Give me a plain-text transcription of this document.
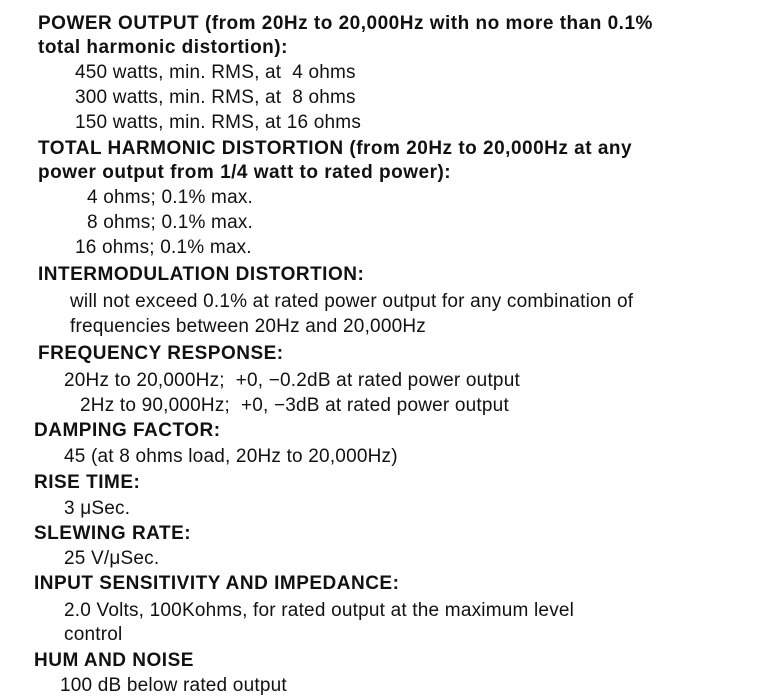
POWER OUTPUT (from 20Hz to 20,000Hz with no more than 0.1%
total harmonic distortion):
450 watts, min. RMS, at  4 ohms
300 watts, min. RMS, at  8 ohms
150 watts, min. RMS, at 16 ohms
TOTAL HARMONIC DISTORTION (from 20Hz to 20,000Hz at any
power output from 1/4 watt to rated power):
4 ohms; 0.1% max.
8 ohms; 0.1% max.
16 ohms; 0.1% max.
INTERMODULATION DISTORTION:
will not exceed 0.1% at rated power output for any combination of
frequencies between 20Hz and 20,000Hz
FREQUENCY RESPONSE:
20Hz to 20,000Hz;  +0, −0.2dB at rated power output
2Hz to 90,000Hz;  +0, −3dB at rated power output
DAMPING FACTOR:
45 (at 8 ohms load, 20Hz to 20,000Hz)
RISE TIME:
3 μSec.
SLEWING RATE:
25 V/μSec.
INPUT SENSITIVITY AND IMPEDANCE:
2.0 Volts, 100Kohms, for rated output at the maximum level
control
HUM AND NOISE
100 dB below rated output
